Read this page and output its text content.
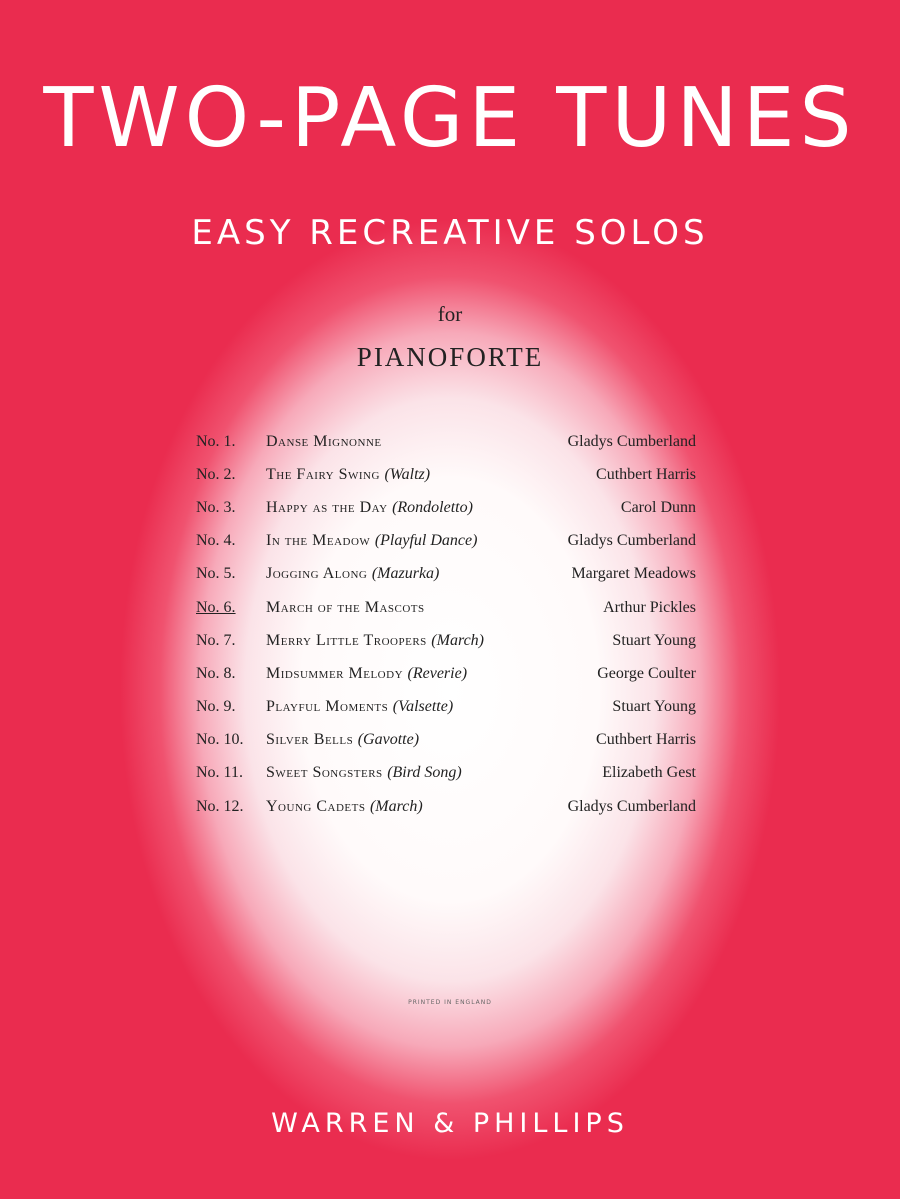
TWO-PAGE TUNES
EASY RECREATIVE SOLOS
for
PIANOFORTE
No. 1.	Danse Mignonne	Gladys Cumberland
No. 2.	The Fairy Swing (Waltz)	Cuthbert Harris
No. 3.	Happy as the Day (Rondoletto)	Carol Dunn
No. 4.	In the Meadow (Playful Dance)	Gladys Cumberland
No. 5.	Jogging Along (Mazurka)	Margaret Meadows
No. 6.	March of the Mascots	Arthur Pickles
No. 7.	Merry Little Troopers (March)	Stuart Young
No. 8.	Midsummer Melody (Reverie)	George Coulter
No. 9.	Playful Moments (Valsette)	Stuart Young
No. 10.	Silver Bells (Gavotte)	Cuthbert Harris
No. 11.	Sweet Songsters (Bird Song)	Elizabeth Gest
No. 12.	Young Cadets (March)	Gladys Cumberland
PRINTED IN ENGLAND
WARREN & PHILLIPS
